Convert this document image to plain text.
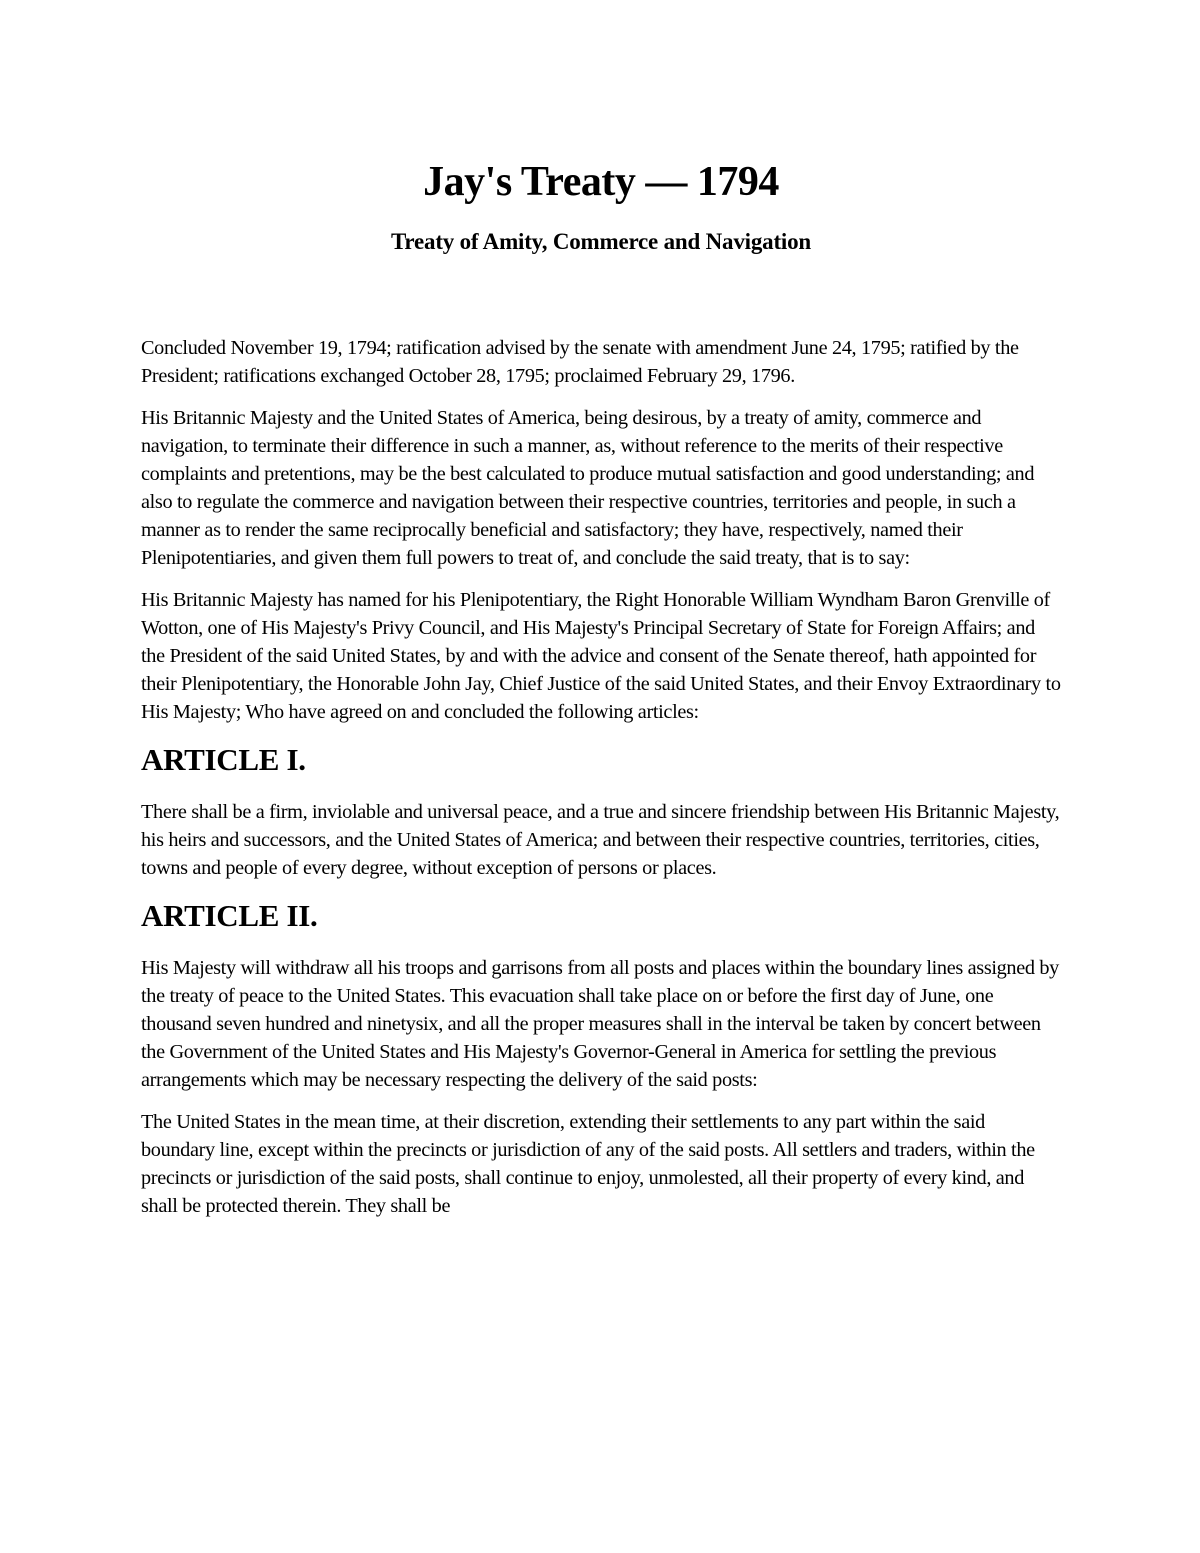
Jay's Treaty — 1794
Treaty of Amity, Commerce and Navigation

Concluded November 19, 1794; ratification advised by the senate with amendment June 24, 1795; ratified by the President; ratifications exchanged October 28, 1795; proclaimed February 29, 1796.

His Britannic Majesty and the United States of America, being desirous, by a treaty of amity, commerce and navigation, to terminate their difference in such a manner, as, without reference to the merits of their respective complaints and pretentions, may be the best calculated to produce mutual satisfaction and good understanding; and also to regulate the commerce and navigation between their respective countries, territories and people, in such a manner as to render the same reciprocally beneficial and satisfactory; they have, respectively, named their Plenipotentiaries, and given them full powers to treat of, and conclude the said treaty, that is to say:

His Britannic Majesty has named for his Plenipotentiary, the Right Honorable William Wyndham Baron Grenville of Wotton, one of His Majesty's Privy Council, and His Majesty's Principal Secretary of State for Foreign Affairs; and the President of the said United States, by and with the advice and consent of the Senate thereof, hath appointed for their Plenipotentiary, the Honorable John Jay, Chief Justice of the said United States, and their Envoy Extraordinary to His Majesty; Who have agreed on and concluded the following articles:

ARTICLE I.

There shall be a firm, inviolable and universal peace, and a true and sincere friendship between His Britannic Majesty, his heirs and successors, and the United States of America; and between their respective countries, territories, cities, towns and people of every degree, without exception of persons or places.

ARTICLE II.

His Majesty will withdraw all his troops and garrisons from all posts and places within the boundary lines assigned by the treaty of peace to the United States. This evacuation shall take place on or before the first day of June, one thousand seven hundred and ninetysix, and all the proper measures shall in the interval be taken by concert between the Government of the United States and His Majesty's Governor-General in America for settling the previous arrangements which may be necessary respecting the delivery of the said posts:

The United States in the mean time, at their discretion, extending their settlements to any part within the said boundary line, except within the precincts or jurisdiction of any of the said posts. All settlers and traders, within the precincts or jurisdiction of the said posts, shall continue to enjoy, unmolested, all their property of every kind, and shall be protected therein. They shall be
